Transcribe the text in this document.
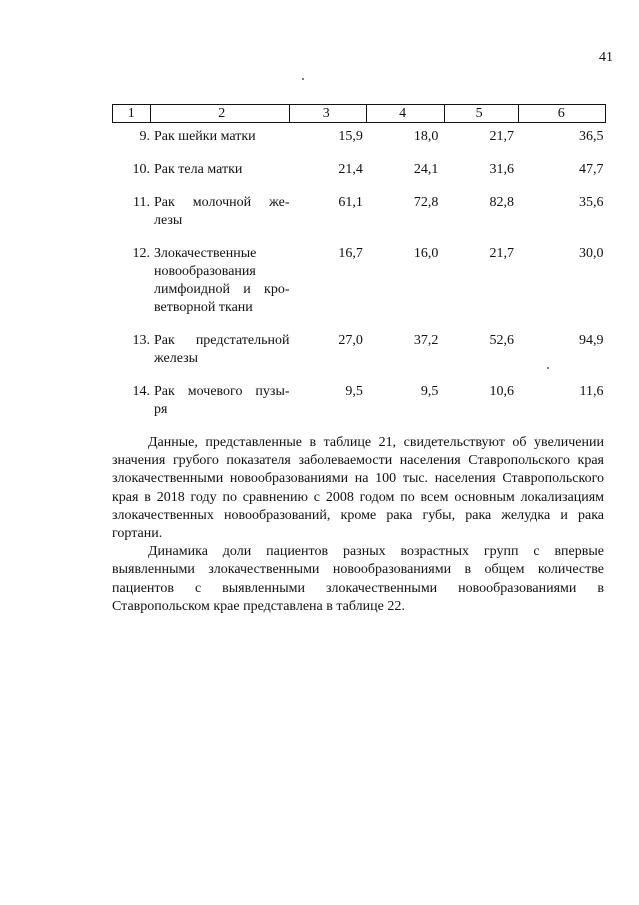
41
1	2	3	4	5	6
9.	Рак шейки матки	15,9	18,0	21,7	36,5
10.	Рак тела матки	21,4	24,1	31,6	47,7
11.	Рак молочной же-
лезы	61,1	72,8	82,8	35,6
12.	Злокачественные
новообразования
лимфоидной и кро-
ветворной ткани	16,7	16,0	21,7	30,0
13.	Рак предстательной
железы	27,0	37,2	52,6	94,9
14.	Рак мочевого пузы-
ря	9,5	9,5	10,6	11,6

Данные, представленные в таблице 21, свидетельствуют об увеличении значения грубого показателя заболеваемости населения Ставропольского края злокачественными новообразованиями на 100 тыс. населения Ставропольского края в 2018 году по сравнению с 2008 годом по всем основным локализациям злокачественных новообразований, кроме рака губы, рака желудка и рака гортани.

Динамика доли пациентов разных возрастных групп с впервые выявленными злокачественными новообразованиями в общем количестве пациентов с выявленными злокачественными новообразованиями в Ставропольском крае представлена в таблице 22.
